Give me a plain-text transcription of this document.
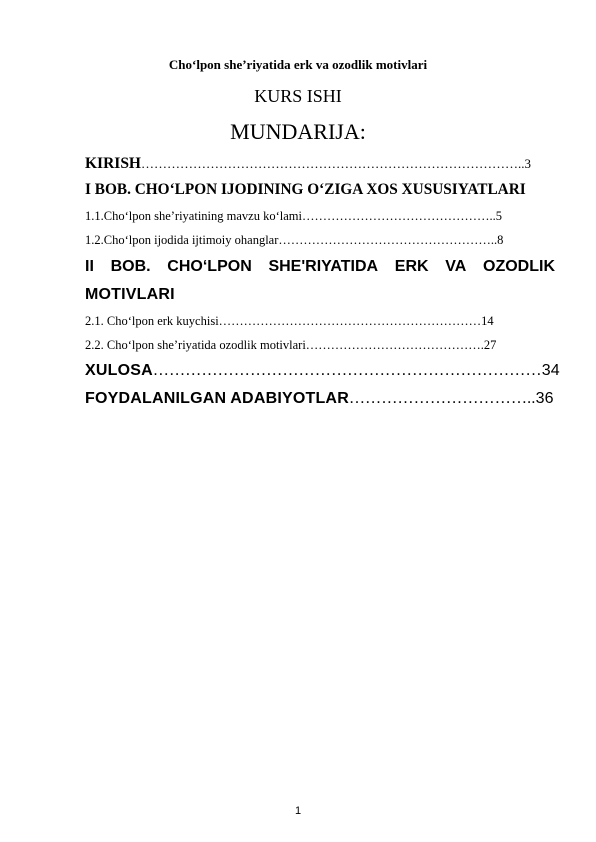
Cho‘lpon she’riyatida erk va ozodlik motivlari
KURS ISHI
MUNDARIJA:
KIRISH……………………………………………………………………………..3
I BOB. CHO‘LPON IJODINING O‘ZIGA XOS XUSUSIYATLARI
1.1.Cho‘lpon she’riyatining mavzu ko‘lami………………………………………..5
1.2.Cho‘lpon ijodida ijtimoiy ohanglar……………………………………………..8
II BOB. CHO‘LPON SHE'RIYATIDA ERK VA OZODLIK
MOTIVLARI
2.1. Cho‘lpon erk kuychisi………………………………………………………14
2.2. Cho‘lpon she’riyatida ozodlik motivlari…………………………………….27
XULOSA………………………………………………………………34
FOYDALANILGAN ADABIYOTLAR……………………………..36
1
